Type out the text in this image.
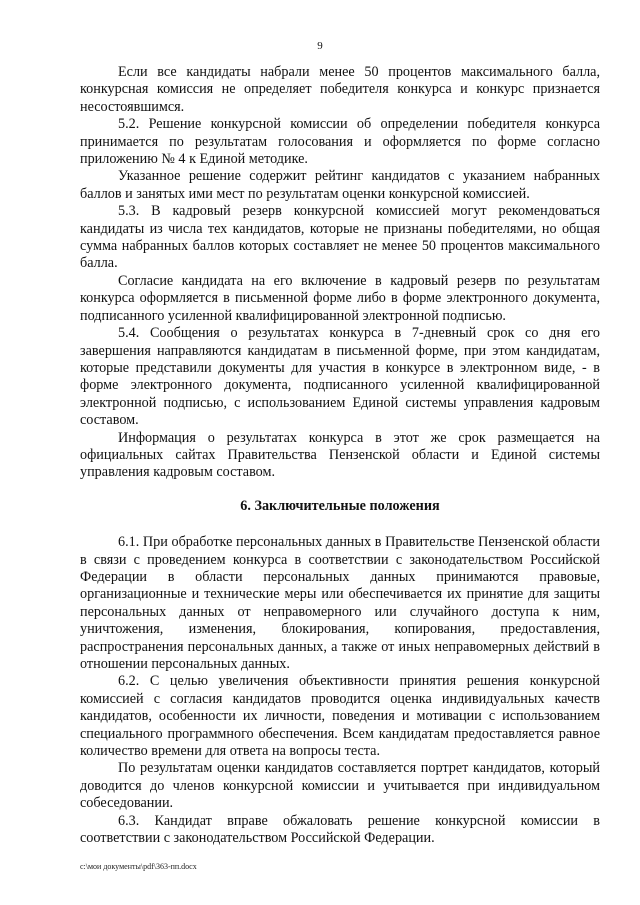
9

Если все кандидаты набрали менее 50 процентов максимального балла, конкурсная комиссия не определяет победителя конкурса и конкурс признается несостоявшимся.

5.2. Решение конкурсной комиссии об определении победителя конкурса принимается по результатам голосования и оформляется по форме согласно приложению № 4 к Единой методике.

Указанное решение содержит рейтинг кандидатов с указанием набранных баллов и занятых ими мест по результатам оценки конкурсной комиссией.

5.3. В кадровый резерв конкурсной комиссией могут рекомендоваться кандидаты из числа тех кандидатов, которые не признаны победителями, но общая сумма набранных баллов которых составляет не менее 50 процентов максимального балла.

Согласие кандидата на его включение в кадровый резерв по результатам конкурса оформляется в письменной форме либо в форме электронного документа, подписанного усиленной квалифицированной электронной подписью.

5.4. Сообщения о результатах конкурса в 7-дневный срок со дня его завершения направляются кандидатам в письменной форме, при этом кандидатам, которые представили документы для участия в конкурсе в электронном виде, - в форме электронного документа, подписанного усиленной квалифицированной электронной подписью, с использованием Единой системы управления кадровым составом.

Информация о результатах конкурса в этот же срок размещается на официальных сайтах Правительства Пензенской области и Единой системы управления кадровым составом.

6. Заключительные положения

6.1. При обработке персональных данных в Правительстве Пензенской области в связи с проведением конкурса в соответствии с законодательством Российской Федерации в области персональных данных принимаются правовые, организационные и технические меры или обеспечивается их принятие для защиты персональных данных от неправомерного или случайного доступа к ним, уничтожения, изменения, блокирования, копирования, предоставления, распространения персональных данных, а также от иных неправомерных действий в отношении персональных данных.

6.2. С целью увеличения объективности принятия решения конкурсной комиссией с согласия кандидатов проводится оценка индивидуальных качеств кандидатов, особенности их личности, поведения и мотивации с использованием специального программного обеспечения. Всем кандидатам предоставляется равное количество времени для ответа на вопросы теста.

По результатам оценки кандидатов составляется портрет кандидатов, который доводится до членов конкурсной комиссии и учитывается при индивидуальном собеседовании.

6.3. Кандидат вправе обжаловать решение конкурсной комиссии в соответствии с законодательством Российской Федерации.

c:\мои документы\pdf\363-пп.docx
